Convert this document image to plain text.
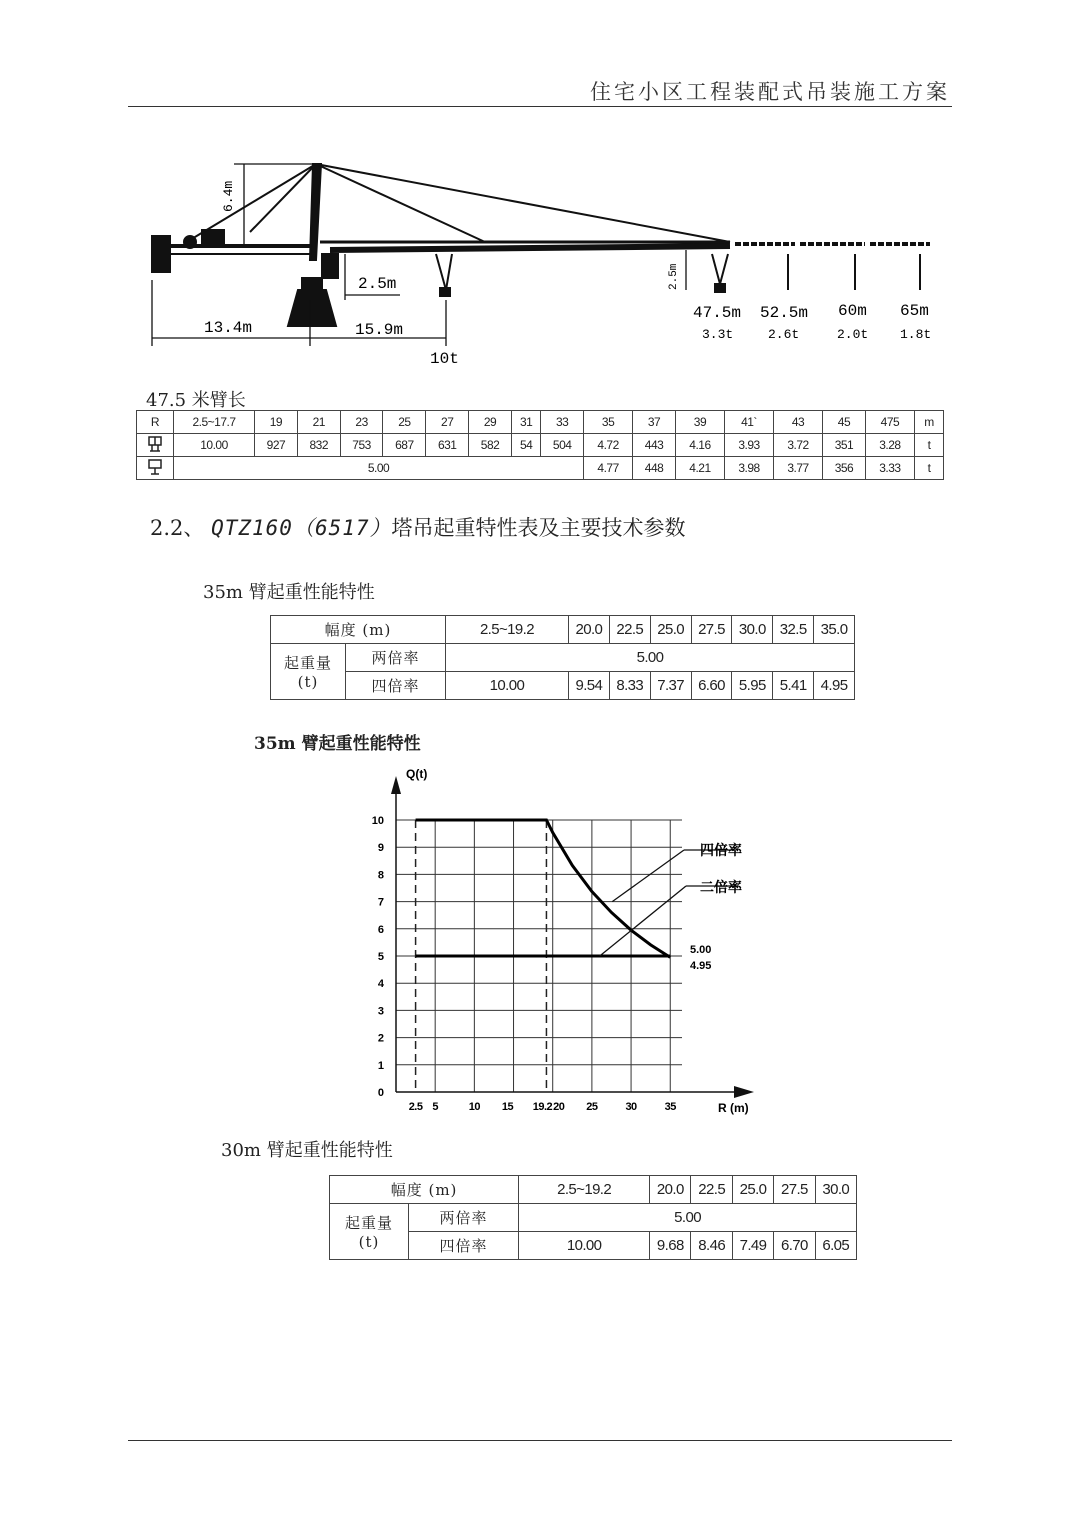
住宅小区工程装配式吊装施工方案
6.4m
2.5m	2.5m
13.4m	15.9m
10t
47.5m
3.3t
52.5m
2.6t
60m
2.0t
65m
1.8t
47.5 米臂长
R	2.5~17.7	19	21	23	25	27	29	31	33	35	37	39	41`	43	45	475	m
	10.00	927	832	753	687	631	582	54	504	4.72	443	4.16	3.93	3.72	351	3.28	t
	5.00									4.77	448	4.21	3.98	3.77	356	3.33	t
2.2、 QTZ160（6517）塔吊起重特性表及主要技术参数
35m 臂起重性能特性
幅度 (m)		2.5~19.2	20.0	22.5	25.0	27.5	30.0	32.5	35.0

起重量
(t)	两倍率	5.00							
	四倍率	10.00	9.54	8.33	7.37	6.60	5.95	5.41	4.95
35m 臂起重性能特性
Q(t)
R (m)
0
1
2
3
4
5
6
7
8
9
10
2.5 5	10 15 19.2 20 25	30	35
四倍率
二倍率
5.00
4.95
30m 臂起重性能特性
幅度 (m)		2.5~19.2	20.0	22.5	25.0	27.5	30.0

起重量
(t)	两倍率	5.00					
	四倍率	10.00	9.68	8.46	7.49	6.70	6.05
